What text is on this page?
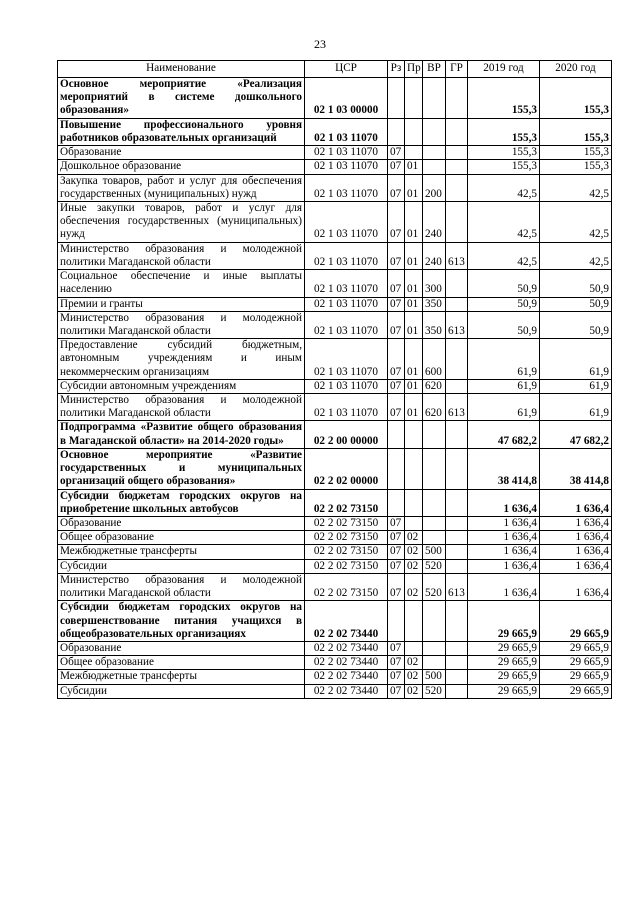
23
Наименование	ЦСР	Рз	Пр	ВР	ГР	2019 год	2020 год
Основное мероприятие «Реализация мероприятий в системе дошкольного образования»	02 1 03 00000					155,3	155,3
Повышение профессионального уровня работников образовательных организаций	02 1 03 11070					155,3	155,3
Образование	02 1 03 11070	07				155,3	155,3
Дошкольное образование	02 1 03 11070	07	01			155,3	155,3
Закупка товаров, работ и услуг для обеспечения государственных (муниципальных) нужд	02 1 03 11070	07	01	200		42,5	42,5
Иные закупки товаров, работ и услуг для обеспечения государственных (муниципальных) нужд	02 1 03 11070	07	01	240		42,5	42,5
Министерство образования и молодежной политики Магаданской области	02 1 03 11070	07	01	240	613	42,5	42,5
Социальное обеспечение и иные выплаты населению	02 1 03 11070	07	01	300		50,9	50,9
Премии и гранты	02 1 03 11070	07	01	350		50,9	50,9
Министерство образования и молодежной политики Магаданской области	02 1 03 11070	07	01	350	613	50,9	50,9
Предоставление субсидий бюджетным, автономным учреждениям и иным некоммерческим организациям	02 1 03 11070	07	01	600		61,9	61,9
Субсидии автономным учреждениям	02 1 03 11070	07	01	620		61,9	61,9
Министерство образования и молодежной политики Магаданской области	02 1 03 11070	07	01	620	613	61,9	61,9
Подпрограмма «Развитие общего образования в Магаданской области» на 2014-2020 годы»	02 2 00 00000					47 682,2	47 682,2
Основное мероприятие «Развитие государственных и муниципальных организаций общего образования»	02 2 02 00000					38 414,8	38 414,8
Субсидии бюджетам городских округов на приобретение школьных автобусов	02 2 02 73150					1 636,4	1 636,4
Образование	02 2 02 73150	07				1 636,4	1 636,4
Общее образование	02 2 02 73150	07	02			1 636,4	1 636,4
Межбюджетные трансферты	02 2 02 73150	07	02	500		1 636,4	1 636,4
Субсидии	02 2 02 73150	07	02	520		1 636,4	1 636,4
Министерство образования и молодежной политики Магаданской области	02 2 02 73150	07	02	520	613	1 636,4	1 636,4
Субсидии бюджетам городских округов на совершенствование питания учащихся в общеобразовательных организациях	02 2 02 73440					29 665,9	29 665,9
Образование	02 2 02 73440	07				29 665,9	29 665,9
Общее образование	02 2 02 73440	07	02			29 665,9	29 665,9
Межбюджетные трансферты	02 2 02 73440	07	02	500		29 665,9	29 665,9
Субсидии	02 2 02 73440	07	02	520		29 665,9	29 665,9
